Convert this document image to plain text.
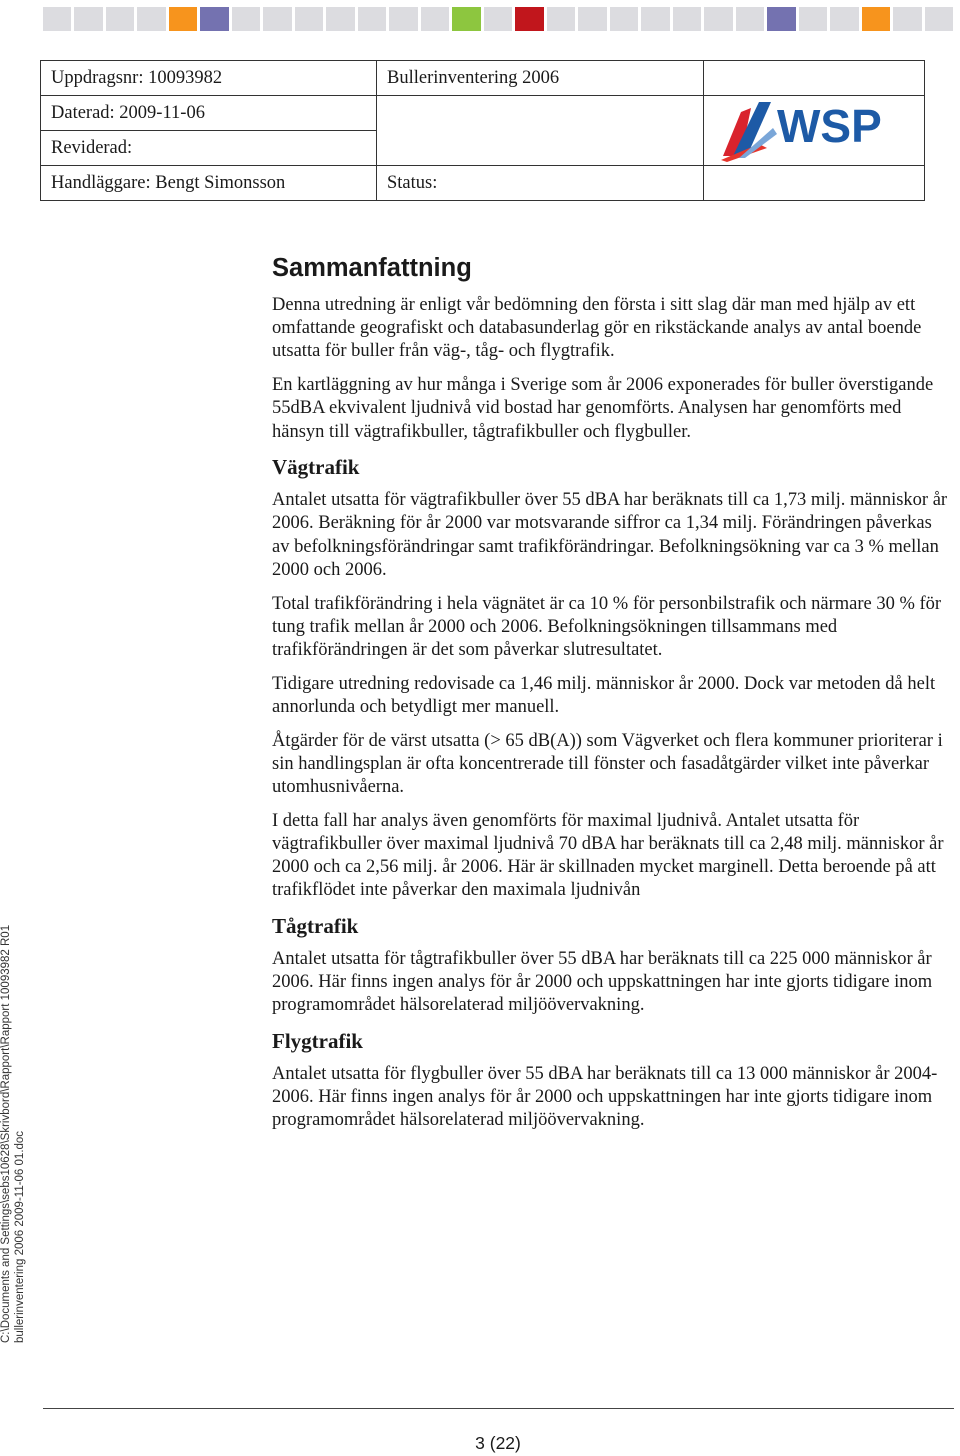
Uppdragsnr: 10093982	Bullerinventering 2006	
Daterad: 2009-11-06		WSP

Reviderad:		
Handläggare: Bengt Simonsson	Status:	
Sammanfattning

Denna utredning är enligt vår bedömning den första i sitt slag där man med hjälp av ett omfattande geografiskt och databasunderlag gör en rikstäckande analys av antal boende utsatta för buller från väg-, tåg- och flygtrafik.

En kartläggning av hur många i Sverige som år 2006 exponerades för buller överstigande 55dBA ekvivalent ljudnivå vid bostad har genomförts. Analysen har genomförts med hänsyn till vägtrafikbuller, tågtrafikbuller och flygbuller.

Vägtrafik

Antalet utsatta för vägtrafikbuller över 55 dBA har beräknats till ca 1,73 milj. människor år 2006. Beräkning för år 2000 var motsvarande siffror ca 1,34 milj. Förändringen påverkas av befolkningsförändringar samt trafikförändringar. Befolkningsökning var ca 3 % mellan 2000 och 2006.

Total trafikförändring i hela vägnätet är ca 10 % för personbilstrafik och närmare 30 % för tung trafik mellan år 2000 och 2006. Befolkningsökningen tillsammans med trafikförändringen är det som påverkar slutresultatet.

Tidigare utredning redovisade ca 1,46 milj. människor år 2000. Dock var metoden då helt annorlunda och betydligt mer manuell.

Åtgärder för de värst utsatta (> 65 dB(A)) som Vägverket och flera kommuner prioriterar i sin handlingsplan är ofta koncentrerade till fönster och fasadåtgärder vilket inte påverkar utomhusnivåerna.

I detta fall har analys även genomförts för maximal ljudnivå. Antalet utsatta för vägtrafikbuller över maximal ljudnivå 70 dBA har beräknats till ca 2,48 milj. människor år 2000 och ca 2,56 milj. år 2006. Här är skillnaden mycket marginell. Detta beroende på att trafikflödet inte påverkar den maximala ljudnivån

Tågtrafik

Antalet utsatta för tågtrafikbuller över 55 dBA har beräknats till ca 225 000 människor år 2006. Här finns ingen analys för år 2000 och uppskattningen har inte gjorts tidigare inom programområdet hälsorelaterad miljöövervakning.

Flygtrafik

Antalet utsatta för flygbuller över 55 dBA har beräknats till ca 13 000 människor år 2004-2006. Här finns ingen analys för år 2000 och uppskattningen har inte gjorts tidigare inom programområdet hälsorelaterad miljöövervakning.

C:\Documents and Settings\sebs10628\Skrivbord\Rapport\Rapport 10093982 R01 bullerinventering 2006 2009-11-06 01.doc
3 (22)
